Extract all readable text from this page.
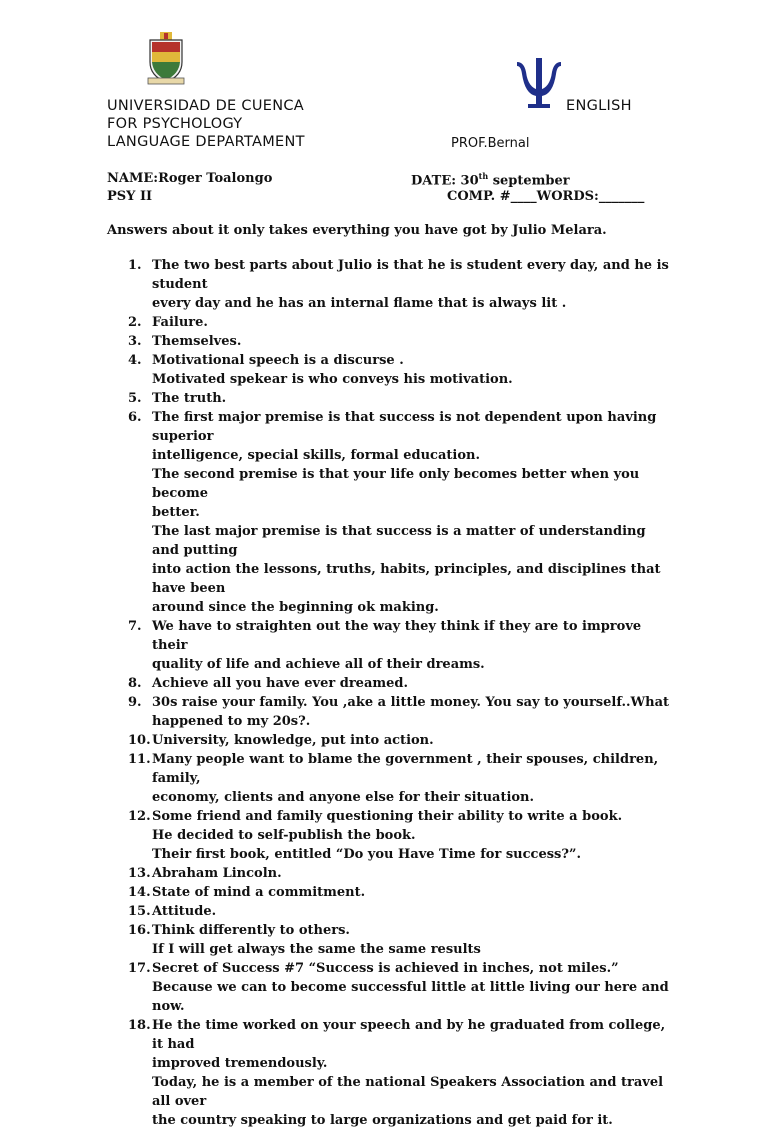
UNIVERSIDAD DE CUENCA
FOR PSYCHOLOGY
LANGUAGE DEPARTAMENT
ENGLISH
PROF.Bernal
NAME:Roger Toalongo	DATE: 30th september
PSY II	COMP. #____WORDS:_______
Answers about it only takes everything you have got by Julio Melara.
1. The two best parts about Julio is that he is student every day, and he is student
every day and he has an internal flame that is always lit .
2. Failure.
3. Themselves.
4. Motivational speech is a discurse .
Motivated spekear is who conveys his motivation.
5. The truth.
6. The first major premise is that success is not dependent upon having superior
intelligence, special skills, formal education.
The second premise is that your life only becomes better when you become
better.
The last major premise is that success is a matter of understanding and putting
into action the lessons, truths, habits, principles, and disciplines that have been
around since the beginning ok making.
7. We have to straighten out the way they think if they are to improve their
quality of life and achieve all of their dreams.
8. Achieve all you have ever dreamed.
9. 30s raise your family. You ,ake a little money. You say to yourself..What
happened to my 20s?.
10. University, knowledge, put into action.
11. Many people want to blame the government , their spouses, children, family,
economy, clients and anyone else for their situation.
12. Some friend and family questioning their ability to write a book.
He decided to self-publish the book.
Their first book, entitled “Do you Have Time for success?”.
13. Abraham Lincoln.
14. State of mind a commitment.
15. Attitude.
16. Think differently to others.
If I will get always the same the same results
17. Secret of Success #7 “Success is achieved in inches, not miles.”
Because we can to become successful little at little living our here and now.
18. He the time worked on your speech and by he graduated from college, it had
improved tremendously.
Today, he is a member of the national Speakers Association and travel all over
the country speaking to large organizations and get paid for it.
